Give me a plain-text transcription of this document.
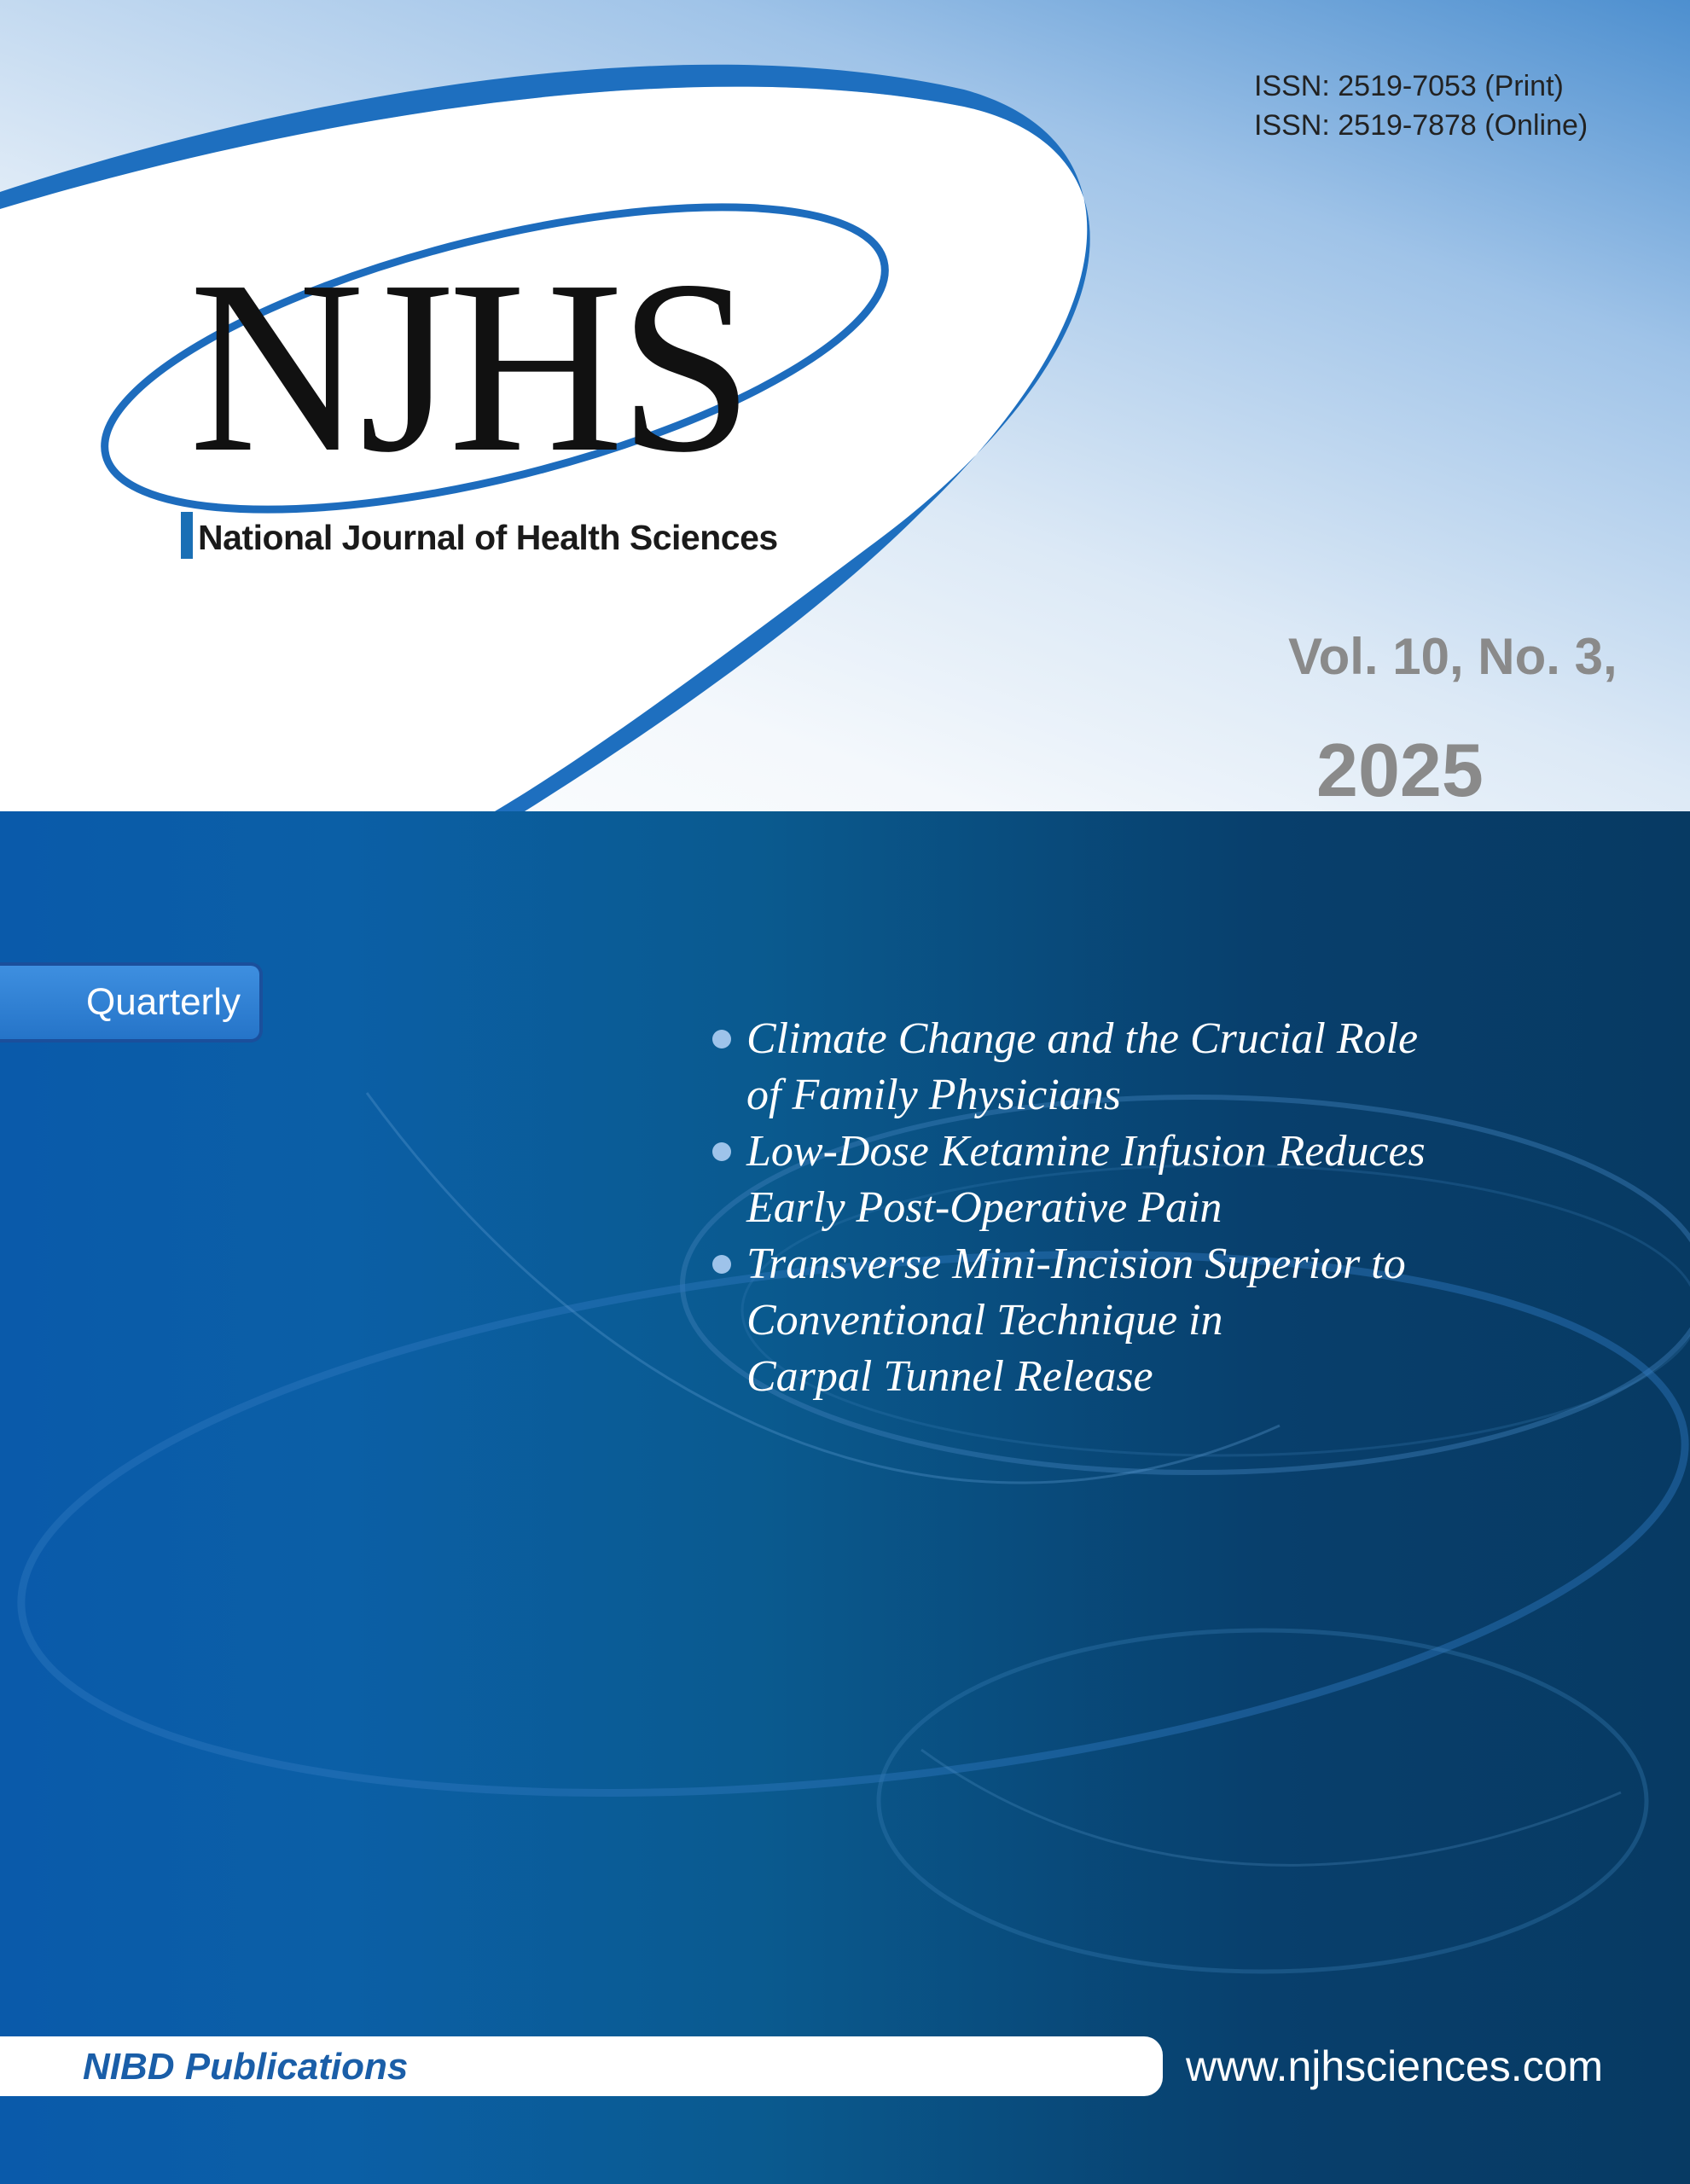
ISSN: 2519-7053 (Print)
ISSN: 2519-7878 (Online)
NJHS
National Journal of Health Sciences
Vol. 10, No. 3,
2025
Quarterly
Climate Change and the Crucial Role
of Family Physicians
Low-Dose Ketamine Infusion Reduces
Early Post-Operative Pain
Transverse Mini-Incision Superior to
Conventional Technique in
Carpal Tunnel Release
NIBD Publications	www.njhsciences.com
